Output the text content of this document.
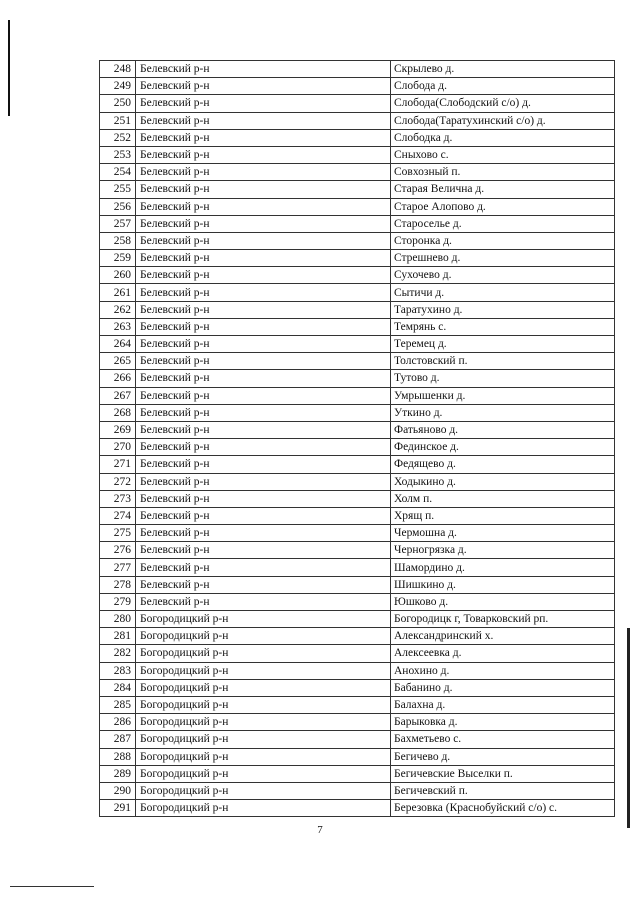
248	Белевский р-н	Скрылево д.
249	Белевский р-н	Слобода д.
250	Белевский р-н	Слобода(Слободский с/о) д.
251	Белевский р-н	Слобода(Таратухинский с/о) д.
252	Белевский р-н	Слободка д.
253	Белевский р-н	Сныхово с.
254	Белевский р-н	Совхозный п.
255	Белевский р-н	Старая Велична д.
256	Белевский р-н	Старое Алопово д.
257	Белевский р-н	Староселье д.
258	Белевский р-н	Сторонка д.
259	Белевский р-н	Стрешнево д.
260	Белевский р-н	Сухочево д.
261	Белевский р-н	Сытичи д.
262	Белевский р-н	Таратухино д.
263	Белевский р-н	Темрянь с.
264	Белевский р-н	Теремец д.
265	Белевский р-н	Толстовский п.
266	Белевский р-н	Тутово д.
267	Белевский р-н	Умрышенки д.
268	Белевский р-н	Уткино д.
269	Белевский р-н	Фатьяново д.
270	Белевский р-н	Фединское д.
271	Белевский р-н	Федящево д.
272	Белевский р-н	Ходыкино д.
273	Белевский р-н	Холм п.
274	Белевский р-н	Хрящ п.
275	Белевский р-н	Чермошна д.
276	Белевский р-н	Черногрязка д.
277	Белевский р-н	Шамордино д.
278	Белевский р-н	Шишкино д.
279	Белевский р-н	Юшково д.
280	Богородицкий р-н	Богородицк г, Товарковский рп.
281	Богородицкий р-н	Александринский х.
282	Богородицкий р-н	Алексеевка д.
283	Богородицкий р-н	Анохино д.
284	Богородицкий р-н	Бабанино д.
285	Богородицкий р-н	Балахна д.
286	Богородицкий р-н	Барыковка д.
287	Богородицкий р-н	Бахметьево с.
288	Богородицкий р-н	Бегичево д.
289	Богородицкий р-н	Бегичевские Выселки п.
290	Богородицкий р-н	Бегичевский п.
291	Богородицкий р-н	Березовка (Краснобуйский с/о) с.
7
